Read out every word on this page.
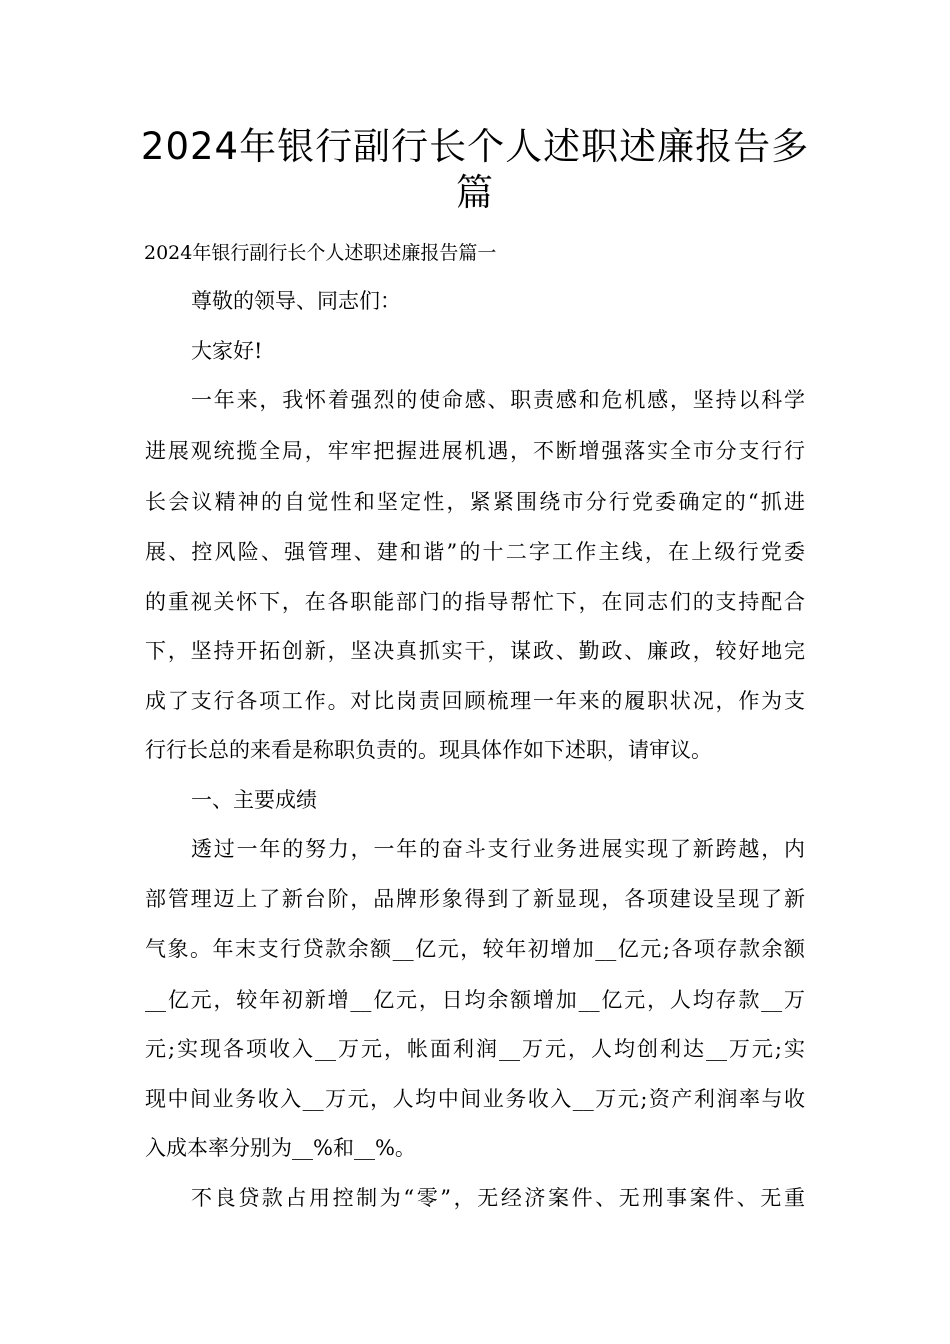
2024年银行副行长个人述职述廉报告多
篇
2024年银行副行长个人述职述廉报告篇一
尊敬的领导、同志们：
大家好!
一年来，我怀着强烈的使命感、职责感和危机感，坚持以科学
进展观统揽全局，牢牢把握进展机遇，不断增强落实全市分支行行
长会议精神的自觉性和坚定性，紧紧围绕市分行党委确定的“抓进
展、控风险、强管理、建和谐”的十二字工作主线，在上级行党委
的重视关怀下，在各职能部门的指导帮忙下，在同志们的支持配合
下，坚持开拓创新，坚决真抓实干，谋政、勤政、廉政，较好地完
成了支行各项工作。对比岗责回顾梳理一年来的履职状况，作为支
行行长总的来看是称职负责的。现具体作如下述职，请审议。
一、主要成绩
透过一年的努力，一年的奋斗支行业务进展实现了新跨越，内
部管理迈上了新台阶，品牌形象得到了新显现，各项建设呈现了新
气象。年末支行贷款余额__亿元，较年初增加__亿元;各项存款余额
__亿元，较年初新增__亿元，日均余额增加__亿元，人均存款__万
元;实现各项收入__万元，帐面利润__万元，人均创利达__万元;实
现中间业务收入__万元，人均中间业务收入__万元;资产利润率与收
入成本率分别为__%和__%。
不良贷款占用控制为“零”，无经济案件、无刑事案件、无重
